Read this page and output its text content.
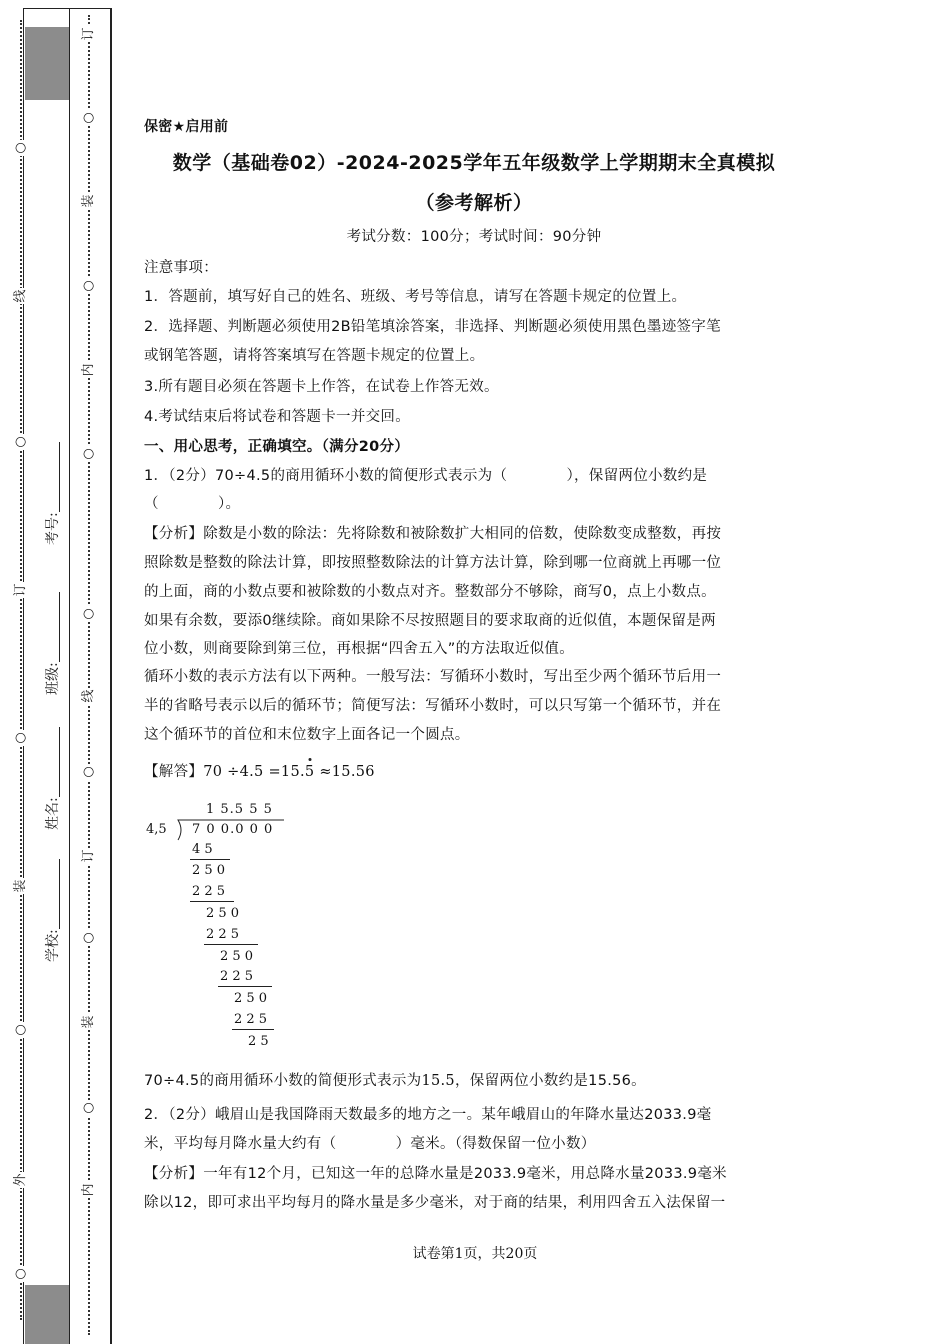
○
线
○
订
○
装
○
外
○
订
○
装
○
内
○
○
线
○
订
○
装
○
内
学校:
姓名:
班级:
考号:
保密★启用前
数学（基础卷02）-2024-2025学年五年级数学上学期期末全真模拟
（参考解析）
考试分数：100分；考试时间：90分钟
注意事项：
1．答题前，填写好自己的姓名、班级、考号等信息，请写在答题卡规定的位置上。
2．选择题、判断题必须使用2B铅笔填涂答案，非选择、判断题必须使用黑色墨迹签字笔
或钢笔答题，请将答案填写在答题卡规定的位置上。
3.所有题目必须在答题卡上作答，在试卷上作答无效。
4.考试结束后将试卷和答题卡一并交回。
一、用心思考，正确填空。（满分20分）
1．（2分）70÷4.5的商用循环小数的简便形式表示为（　　　　），保留两位小数约是
（　　　　）。
【分析】除数是小数的除法：先将除数和被除数扩大相同的倍数，使除数变成整数，再按
照除数是整数的除法计算，即按照整数除法的计算方法计算，除到哪一位商就上再哪一位
的上面，商的小数点要和被除数的小数点对齐。整数部分不够除，商写0，点上小数点。
如果有余数，要添0继续除。商如果除不尽按照题目的要求取商的近似值，本题保留是两
位小数，则商要除到第三位，再根据“四舍五入”的方法取近似值。
循环小数的表示方法有以下两种。一般写法：写循环小数时，写出至少两个循环节后用一
半的省略号表示以后的循环节；简便写法：写循环小数时，可以只写第一个循环节，并在
这个循环节的首位和末位数字上面各记一个圆点。
【解答】70 ÷4.5 =15.5 ≈15.56
1 5.5 5 5
4,5 7 0 0.0 0 0
4 5
2 5 0
2 2 5
2 5 0
2 2 5
2 5 0
2 2 5
2 5 0
2 2 5
2 5
70÷4.5的商用循环小数的简便形式表示为15.5，保留两位小数约是15.56。
2．（2分）峨眉山是我国降雨天数最多的地方之一。某年峨眉山的年降水量达2033.9毫
米，平均每月降水量大约有（　　　　）毫米。（得数保留一位小数）
【分析】一年有12个月，已知这一年的总降水量是2033.9毫米，用总降水量2033.9毫米
除以12，即可求出平均每月的降水量是多少毫米，对于商的结果，利用四舍五入法保留一
试卷第1页，共20页
